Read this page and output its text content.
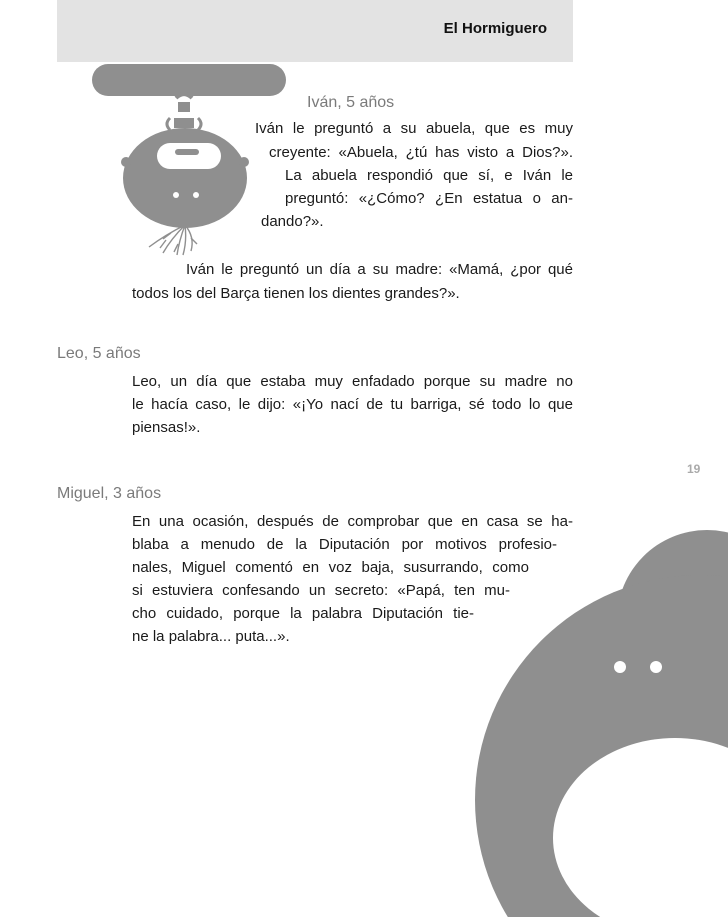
El Hormiguero
Iván, 5 años
Iván le preguntó a su abuela, que es muy
creyente: «Abuela, ¿tú has visto a Dios?».
La abuela respondió que sí, e Iván le
preguntó: «¿Cómo? ¿En estatua o an-
dando?».
Iván le preguntó un día a su madre: «Mamá, ¿por qué
todos los del Barça tienen los dientes grandes?».
Leo, 5 años
Leo, un día que estaba muy enfadado porque su madre no
le hacía caso, le dijo: «¡Yo nací de tu barriga, sé todo lo que
piensas!».
19
Miguel, 3 años
En una ocasión, después de comprobar que en casa se ha-
blaba a menudo de la Diputación por motivos profesio-
nales, Miguel comentó en voz baja, susurrando, como
si estuviera confesando un secreto: «Papá, ten mu-
cho cuidado, porque la palabra Diputación tie-
ne la palabra... puta...».
